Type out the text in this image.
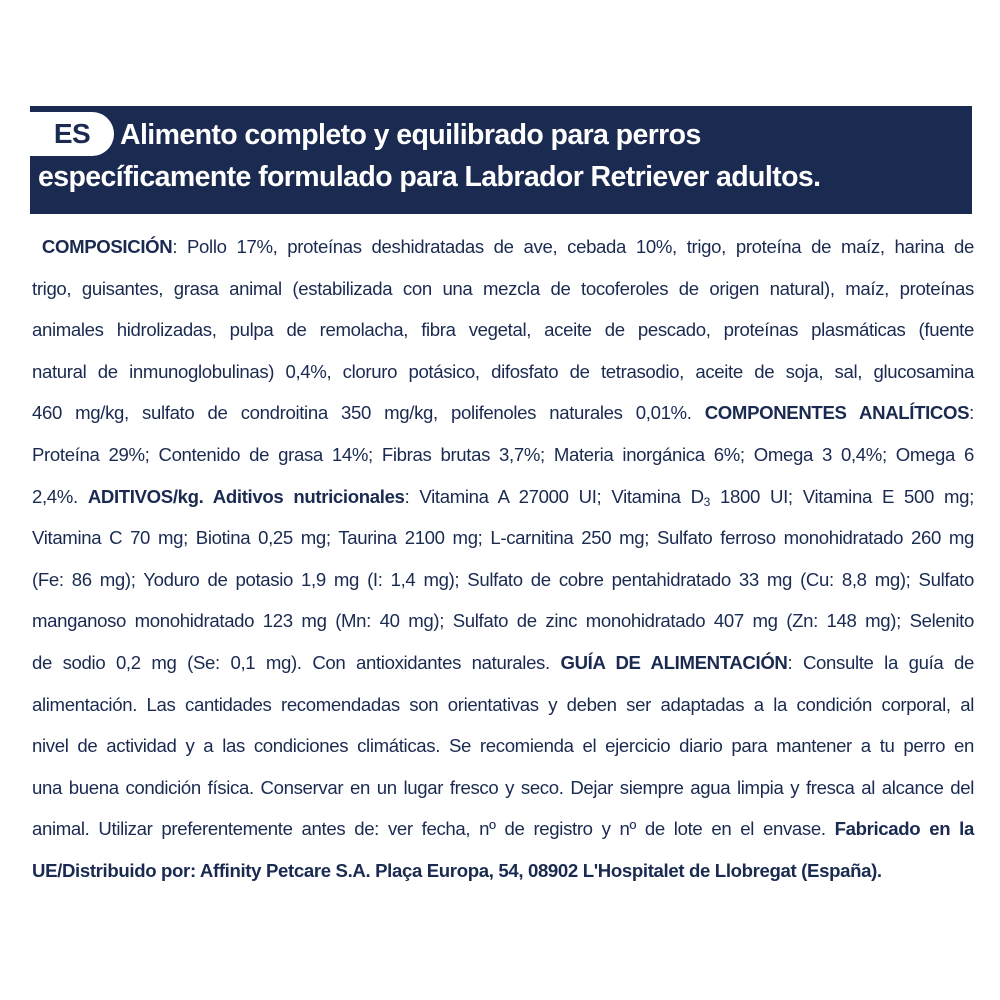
ES	Alimento completo y equilibrado para perros
específicamente formulado para Labrador Retriever adultos.
COMPOSICIÓN: Pollo 17%, proteínas deshidratadas de ave, cebada 10%, trigo, proteína de maíz, harina de
trigo, guisantes, grasa animal (estabilizada con una mezcla de tocoferoles de origen natural), maíz, proteínas
animales hidrolizadas, pulpa de remolacha, fibra vegetal, aceite de pescado, proteínas plasmáticas (fuente
natural de inmunoglobulinas) 0,4%, cloruro potásico, difosfato de tetrasodio, aceite de soja, sal, glucosamina
460 mg/kg, sulfato de condroitina 350 mg/kg, polifenoles naturales 0,01%. COMPONENTES ANALÍTICOS:
Proteína 29%; Contenido de grasa 14%; Fibras brutas 3,7%; Materia inorgánica 6%; Omega 3 0,4%; Omega 6
2,4%. ADITIVOS/kg. Aditivos nutricionales: Vitamina A 27000 UI; Vitamina $D_3$ 1800 UI; Vitamina E 500 mg;
Vitamina C 70 mg; Biotina 0,25 mg; Taurina 2100 mg; L-carnitina 250 mg; Sulfato ferroso monohidratado 260 mg
(Fe: 86 mg); Yoduro de potasio 1,9 mg (I: 1,4 mg); Sulfato de cobre pentahidratado 33 mg (Cu: 8,8 mg); Sulfato
manganoso monohidratado 123 mg (Mn: 40 mg); Sulfato de zinc monohidratado 407 mg (Zn: 148 mg); Selenito
de sodio 0,2 mg (Se: 0,1 mg). Con antioxidantes naturales. GUÍA DE ALIMENTACIÓN: Consulte la guía de
alimentación. Las cantidades recomendadas son orientativas y deben ser adaptadas a la condición corporal, al
nivel de actividad y a las condiciones climáticas. Se recomienda el ejercicio diario para mantener a tu perro en
una buena condición física. Conservar en un lugar fresco y seco. Dejar siempre agua limpia y fresca al alcance del
animal. Utilizar preferentemente antes de: ver fecha, nº de registro y nº de lote en el envase. Fabricado en la
UE/Distribuido por: Affinity Petcare S.A. Plaça Europa, 54, 08902 L'Hospitalet de Llobregat (España).
